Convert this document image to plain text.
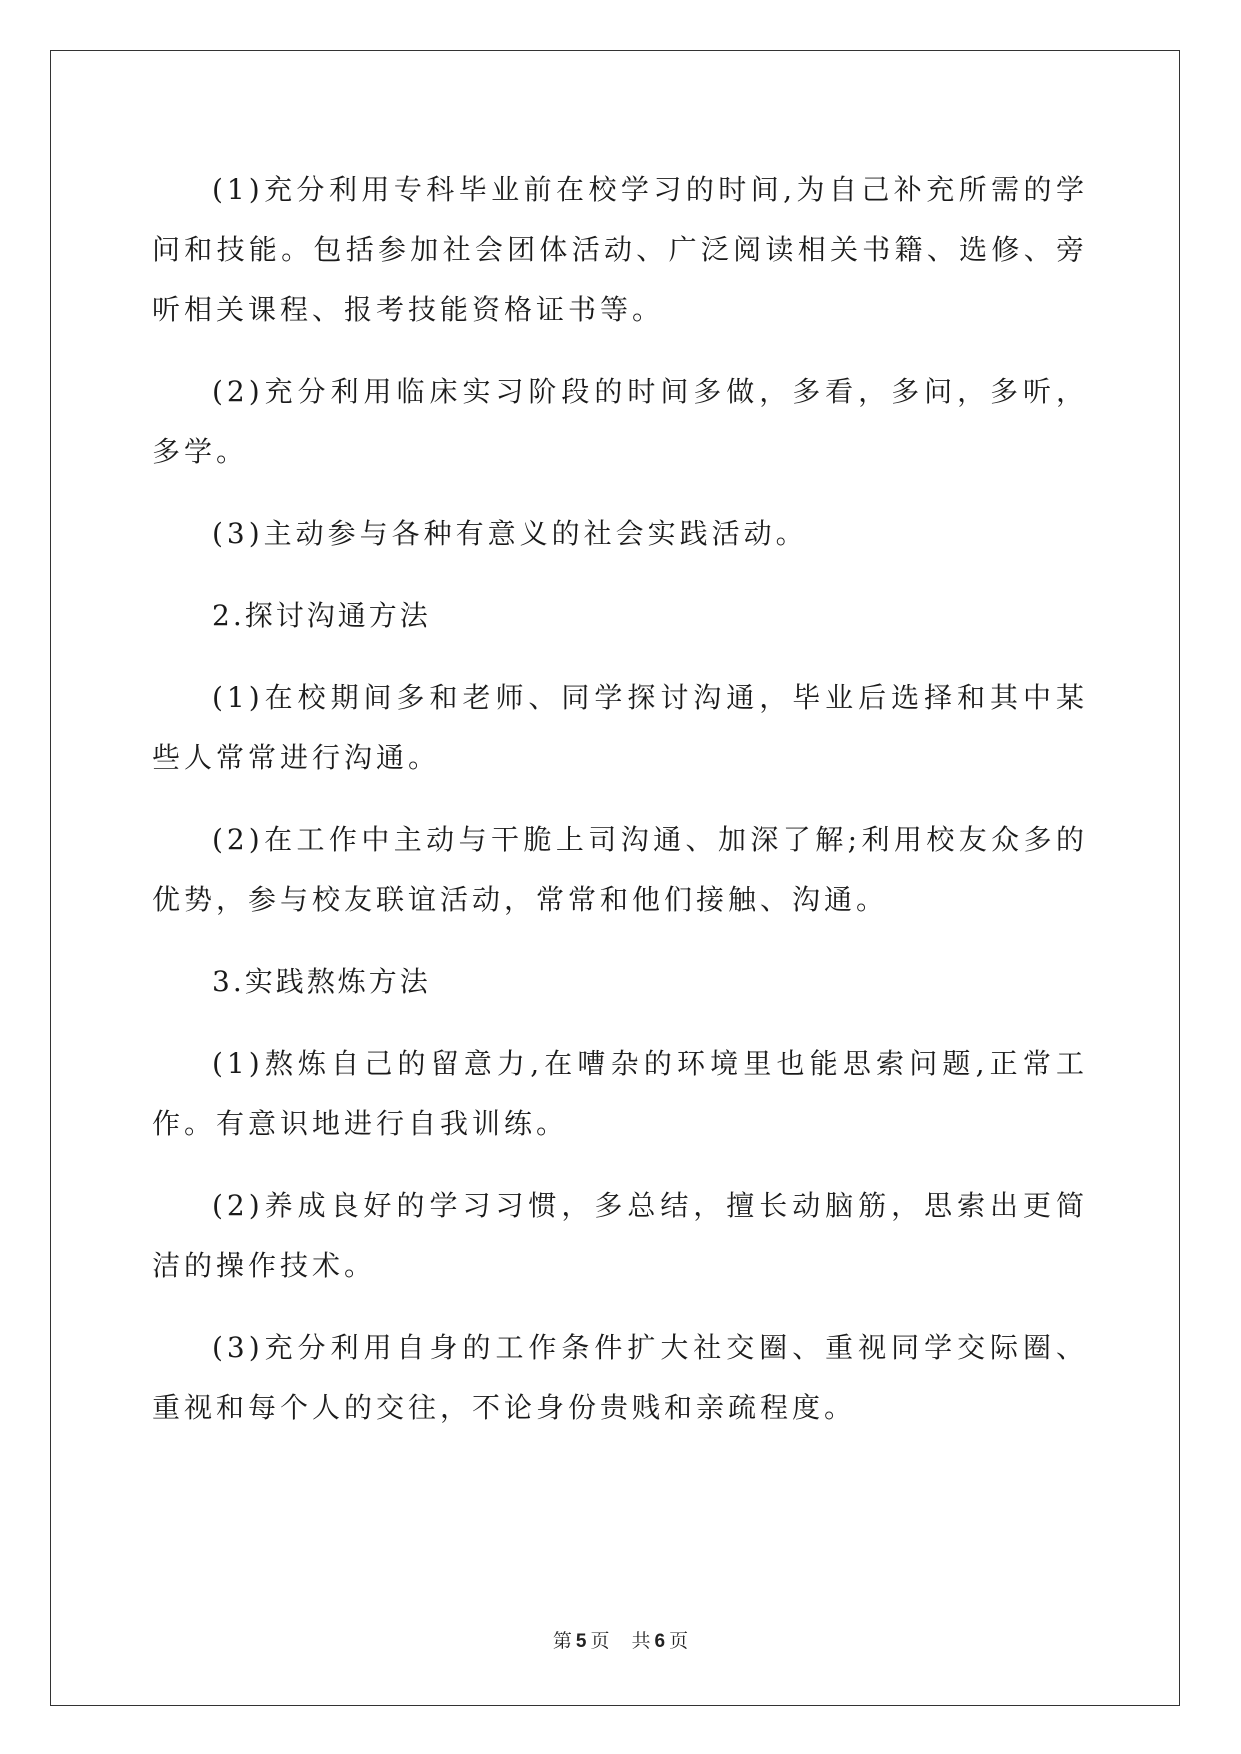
(1)充分利用专科毕业前在校学习的时间,为自己补充所需的学问和技能。包括参加社会团体活动、广泛阅读相关书籍、选修、旁听相关课程、报考技能资格证书等。

(2)充分利用临床实习阶段的时间多做，多看，多问，多听，多学。

(3)主动参与各种有意义的社会实践活动。

2.探讨沟通方法

(1)在校期间多和老师、同学探讨沟通，毕业后选择和其中某些人常常进行沟通。

(2)在工作中主动与干脆上司沟通、加深了解;利用校友众多的优势，参与校友联谊活动，常常和他们接触、沟通。

3.实践熬炼方法

(1)熬炼自己的留意力,在嘈杂的环境里也能思索问题,正常工作。有意识地进行自我训练。

(2)养成良好的学习习惯，多总结，擅长动脑筋，思索出更简洁的操作技术。

(3)充分利用自身的工作条件扩大社交圈、重视同学交际圈、重视和每个人的交往，不论身份贵贱和亲疏程度。

第 5 页 共 6 页
